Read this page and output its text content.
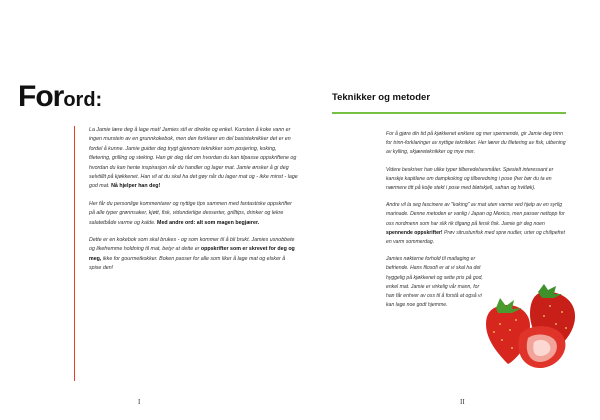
Forord:

La Jamie lære deg å lage mat! Jamies stil er direkte og enkel. Kunsten å koke vann er ingen murstein av en grunnkokebok, men den forklarer en del basisteknikker det er en fordel å kunne. Jamie guider deg trygt gjennom teknikker som posjering, koking, filetering, grilling og steking. Han gir deg råd om hvordan du kan tilpasse oppskriftene og hvordan du kan hente inspirasjon når du handler og lager mat. Jamie ønsker å gi deg selvtillit på kjøkkenet. Han vil at du skal ha det gøy når du lager mat og - ikke minst - lage god mat. Nå hjelper han deg!

Her får du personlige kommentarer og nyttige tips sammen med fantastiske oppskrifter på alle typer grønnsaker, kjøtt, fisk, vidunderlige desserter, grilltips, drinker og lekre salatetbåde varme og kalde. Med andre ord: alt som magen begjærer.

Dette er en kokebok som skal brukes - og som kommer til å bli brukt. Jamies usnobbete og likefremme holdning til mat, betyr at dette er oppskrifter som er skrevet for deg og meg, ikke for gourmetkokker. Boken passer for alle som liker å lage mat og elsker å spise den!

I
Teknikker og metoder

For å gjøre din tid på kjøkkenet enklere og mer spennende, gir Jamie deg trinn for trinn-forklaringer av nyttige teknikker. Her lærer du filetering av fisk, utbening av kylling, skjæreteknikker og mye mer.

Videre beskriver han ulike typer tilberedelsesmåter. Spesielt interessant er kanskje kapitlene om dampkoking og tilberedning i pose (her bør du ta en nærmere titt på kolje stekt i pose med bløtskjell, safran og hvitløk).

Andre vil la seg fascinere av "koking" av mat uten varme ved hjelp av en syrlig marinade. Denne metoden er vanlig i Japan og Mexico, men passer nettopp for oss nordmenn som har slik rik tilgang på fersk fisk. Jamie gir deg noen spennende oppskrifter! Prøv sitrustunfisk med sprø nudler, urter og chilipefret en varm sommerdag.

Jamies nøkterne forhold til matlaging er befriende. Hans filosofi er at vi skal ha det hyggelig på kjøkkenet og sette pris på god, enkel mat. Jamie er virkelig vår mann, for han får enhver av oss til å forstå at også vi kan lage noe godt hjemme.

II
